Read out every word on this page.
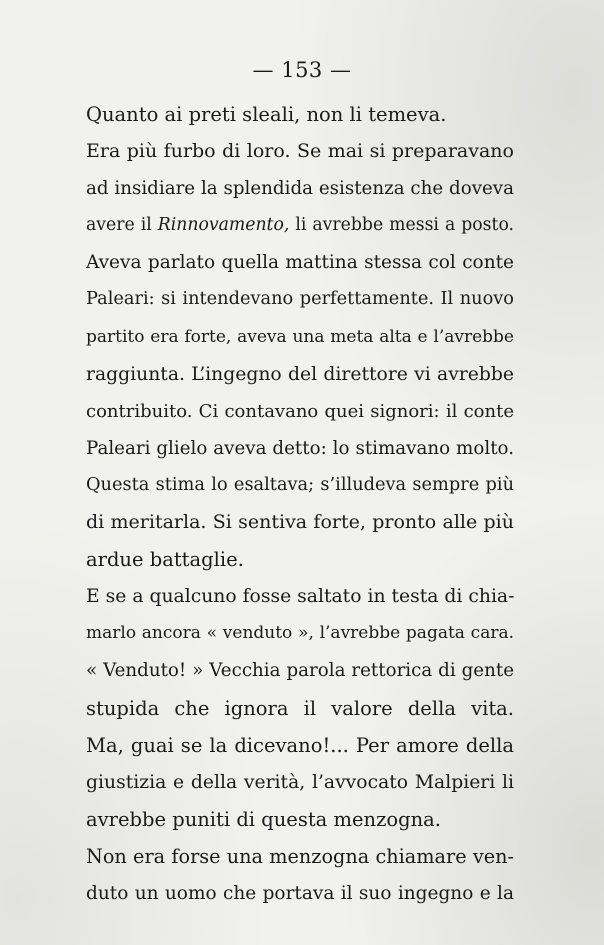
— 153 —
Quanto ai preti sleali, non li temeva.
Era più furbo di loro. Se mai si preparavano
ad insidiare la splendida esistenza che doveva
avere il Rinnovamento, li avrebbe messi a posto.
Aveva parlato quella mattina stessa col conte
Paleari: si intendevano perfettamente. Il nuovo
partito era forte, aveva una meta alta e l’avrebbe
raggiunta. L’ingegno del direttore vi avrebbe
contribuito. Ci contavano quei signori: il conte
Paleari glielo aveva detto: lo stimavano molto.
Questa stima lo esaltava; s’illudeva sempre più
di meritarla. Si sentiva forte, pronto alle più
ardue battaglie.
E se a qualcuno fosse saltato in testa di chia-
marlo ancora « venduto », l’avrebbe pagata cara.
« Venduto! » Vecchia parola rettorica di gente
stupida che ignora il valore della vita.
Ma, guai se la dicevano!... Per amore della
giustizia e della verità, l’avvocato Malpieri li
avrebbe puniti di questa menzogna.
Non era forse una menzogna chiamare ven-
duto un uomo che portava il suo ingegno e la
